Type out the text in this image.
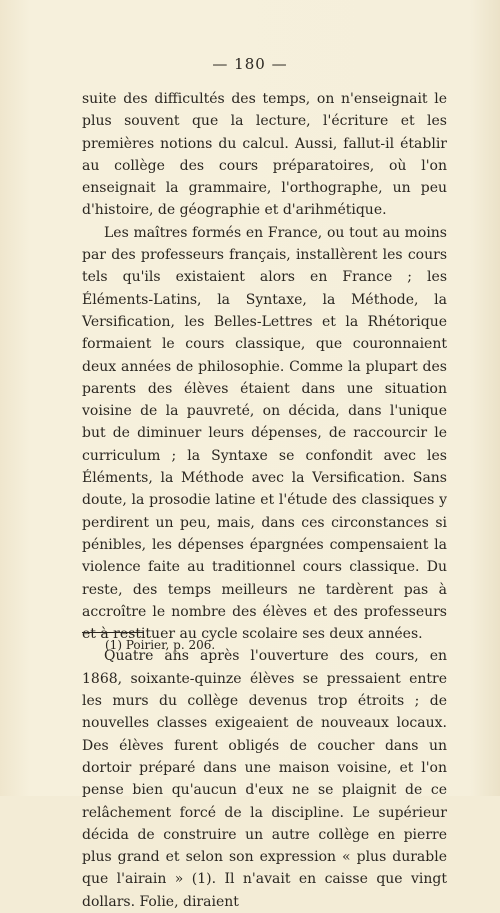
— 180 —

suite des difficultés des temps, on n'enseignait le plus souvent que la lecture, l'écriture et les premières notions du calcul. Aussi, fallut-il établir au collège des cours préparatoires, où l'on enseignait la grammaire, l'orthographe, un peu d'histoire, de géographie et d'arihmétique.

Les maîtres formés en France, ou tout au moins par des professeurs français, installèrent les cours tels qu'ils existaient alors en France ; les Éléments-Latins, la Syntaxe, la Méthode, la Versification, les Belles-Lettres et la Rhétorique formaient le cours classique, que couronnaient deux années de philosophie. Comme la plupart des parents des élèves étaient dans une situation voisine de la pauvreté, on décida, dans l'unique but de diminuer leurs dépenses, de raccourcir le curriculum ; la Syntaxe se confondit avec les Éléments, la Méthode avec la Versification. Sans doute, la prosodie latine et l'étude des classiques y perdirent un peu, mais, dans ces circonstances si pénibles, les dépenses épargnées compensaient la violence faite au traditionnel cours classique. Du reste, des temps meilleurs ne tardèrent pas à accroître le nombre des élèves et des professeurs et à restituer au cycle scolaire ses deux années.

Quatre ans après l'ouverture des cours, en 1868, soixante-quinze élèves se pressaient entre les murs du collège devenus trop étroits ; de nouvelles classes exigeaient de nouveaux locaux. Des élèves furent obligés de coucher dans un dortoir préparé dans une maison voisine, et l'on pense bien qu'aucun d'eux ne se plaignit de ce relâchement forcé de la discipline. Le supérieur décida de construire un autre collège en pierre plus grand et selon son expression « plus durable que l'airain » (1). Il n'avait en caisse que vingt dollars. Folie, diraient

(1) Poirier, p. 206.
